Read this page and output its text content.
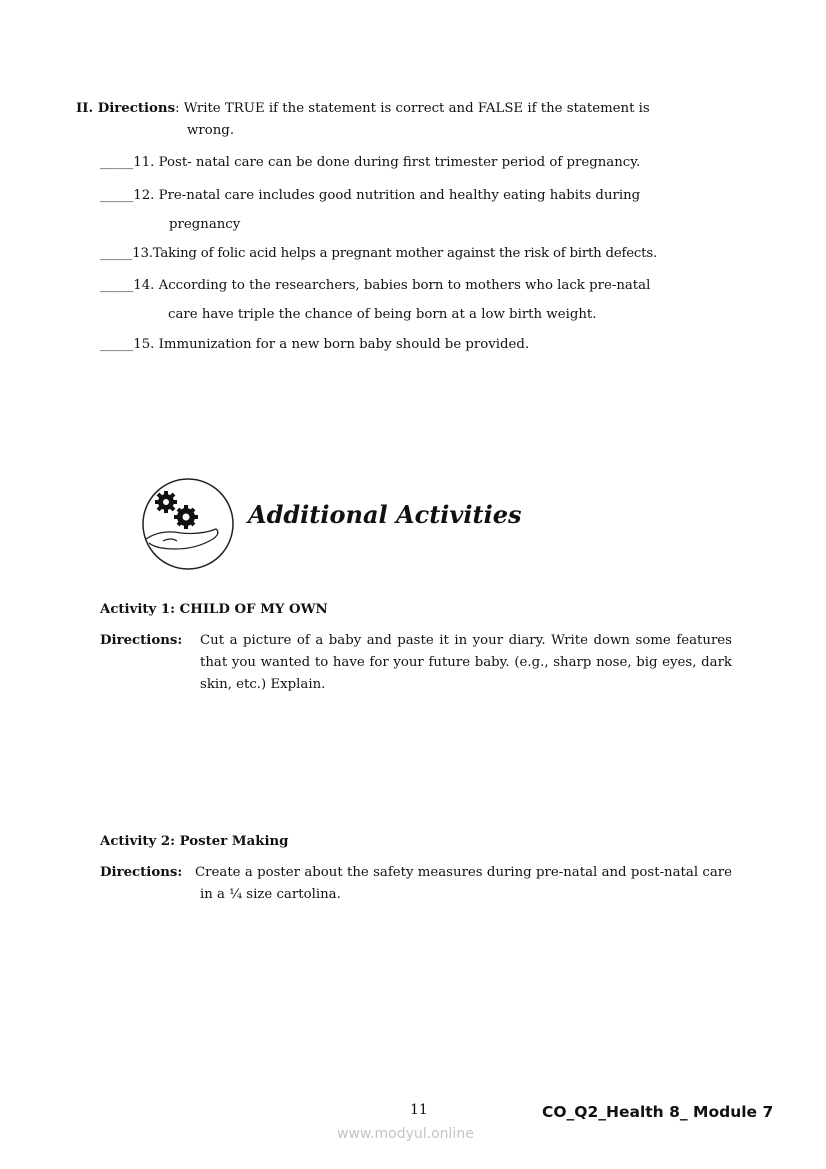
II. Directions: Write TRUE if the statement is correct and FALSE if the statement is
wrong.
_____11. Post- natal care can be done during first trimester period of pregnancy.
_____12. Pre-natal care includes good nutrition and healthy eating habits during
pregnancy
_____13.Taking of folic acid helps a pregnant mother against the risk of birth defects.
_____14. According to the researchers, babies born to mothers who lack pre-natal
care have triple the chance of being born at a low birth weight.
_____15. Immunization for a new born baby should be provided.
Additional Activities
Activity 1: CHILD OF MY OWN
Directions:	Cut a picture of a baby and paste it in your diary. Write down some features that you wanted to have for your future baby. (e.g., sharp nose, big eyes, dark skin, etc.) Explain.
Activity 2: Poster Making
Directions: Create a poster about the safety measures during pre-natal and post-natal care in a ¼ size cartolina.
11	CO_Q2_Health 8_ Module 7
www.modyul.online
